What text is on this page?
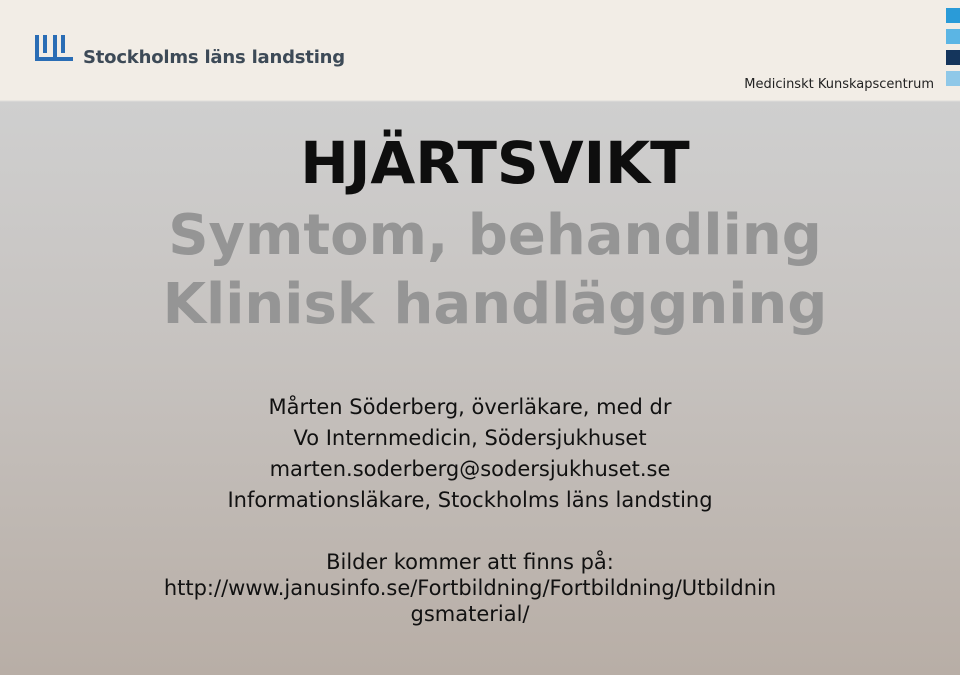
Stockholms läns landsting
Medicinskt Kunskapscentrum
HJÄRTSVIKT
Symtom, behandling
Klinisk handläggning
Mårten Söderberg, överläkare, med dr
Vo Internmedicin, Södersjukhuset
marten.soderberg@sodersjukhuset.se
Informationsläkare, Stockholms läns landsting
Bilder kommer att finns på:
http://www.janusinfo.se/Fortbildning/Fortbildning/Utbildnin
gsmaterial/
